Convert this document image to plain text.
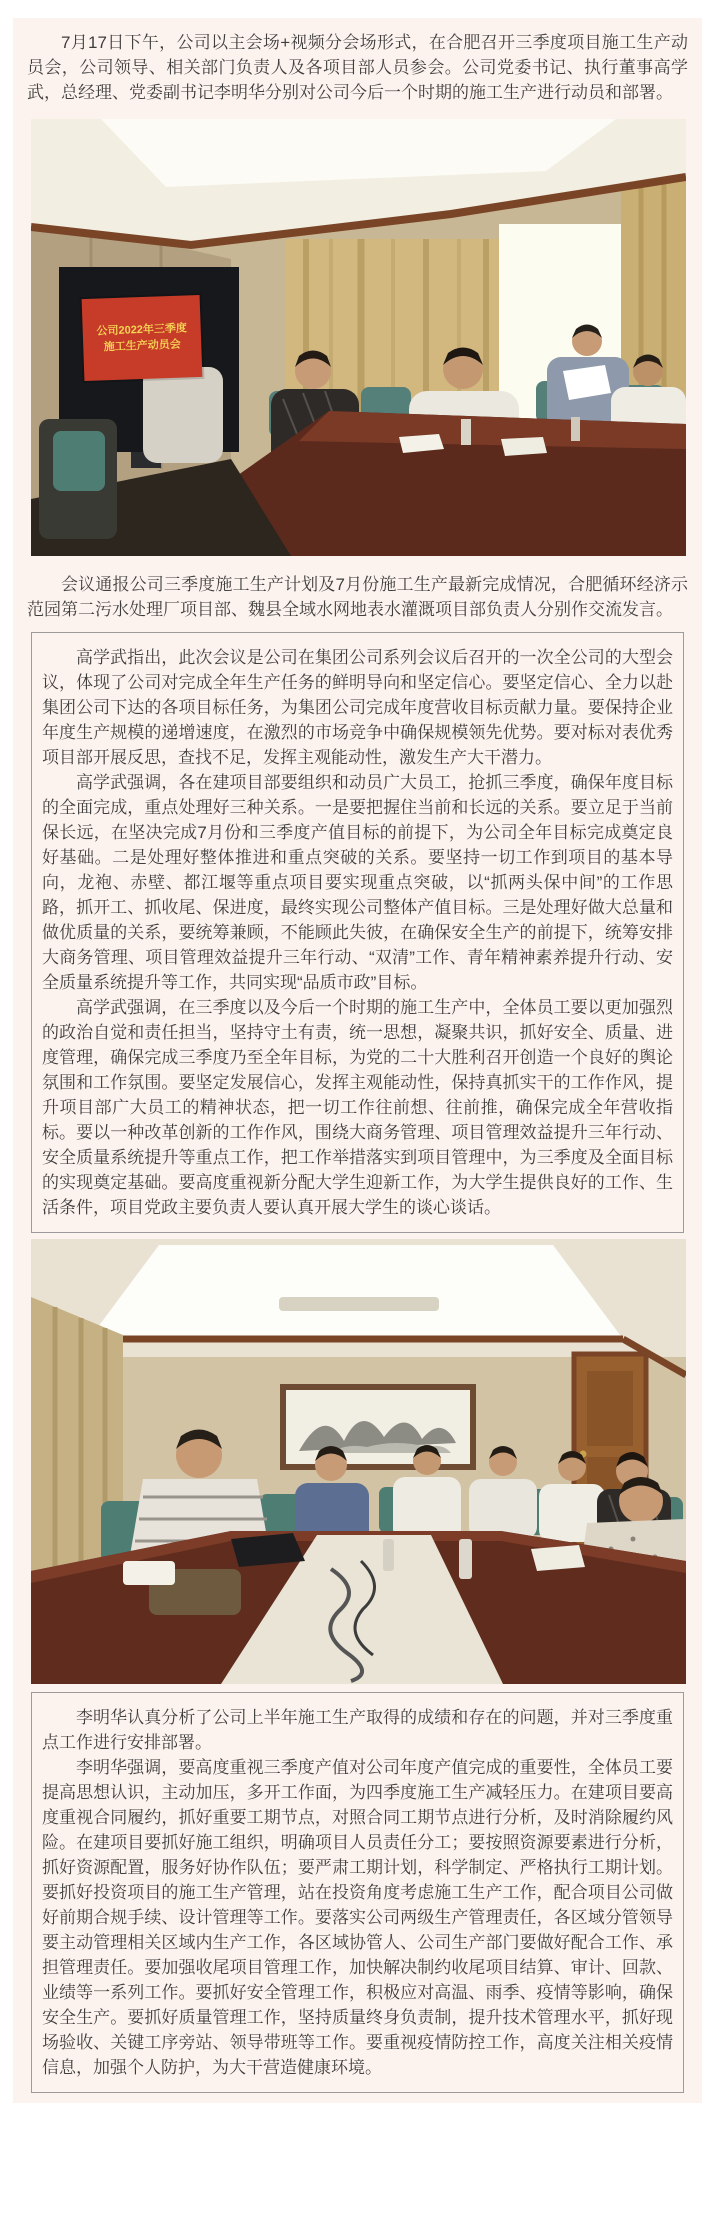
7月17日下午，公司以主会场+视频分会场形式，在合肥召开三季度项目施工生产动员会，公司领导、相关部门负责人及各项目部人员参会。公司党委书记、执行董事高学武，总经理、党委副书记李明华分别对公司今后一个时期的施工生产进行动员和部署。

公司2022年三季度
施工生产动员会

会议通报公司三季度施工生产计划及7月份施工生产最新完成情况，合肥循环经济示范园第二污水处理厂项目部、魏县全域水网地表水灌溉项目部负责人分别作交流发言。

高学武指出，此次会议是公司在集团公司系列会议后召开的一次全公司的大型会议，体现了公司对完成全年生产任务的鲜明导向和坚定信心。要坚定信心、全力以赴集团公司下达的各项目标任务，为集团公司完成年度营收目标贡献力量。要保持企业年度生产规模的递增速度，在激烈的市场竞争中确保规模领先优势。要对标对表优秀项目部开展反思，查找不足，发挥主观能动性，激发生产大干潜力。

高学武强调，各在建项目部要组织和动员广大员工，抢抓三季度，确保年度目标的全面完成，重点处理好三种关系。一是要把握住当前和长远的关系。要立足于当前保长远，在坚决完成7月份和三季度产值目标的前提下，为公司全年目标完成奠定良好基础。二是处理好整体推进和重点突破的关系。要坚持一切工作到项目的基本导向，龙袍、赤壁、都江堰等重点项目要实现重点突破，以“抓两头保中间”的工作思路，抓开工、抓收尾、保进度，最终实现公司整体产值目标。三是处理好做大总量和做优质量的关系，要统筹兼顾，不能顾此失彼，在确保安全生产的前提下，统筹安排大商务管理、项目管理效益提升三年行动、“双清”工作、青年精神素养提升行动、安全质量系统提升等工作，共同实现“品质市政”目标。

高学武强调，在三季度以及今后一个时期的施工生产中，全体员工要以更加强烈的政治自觉和责任担当，坚持守土有责，统一思想，凝聚共识，抓好安全、质量、进度管理，确保完成三季度乃至全年目标，为党的二十大胜利召开创造一个良好的舆论氛围和工作氛围。要坚定发展信心，发挥主观能动性，保持真抓实干的工作作风，提升项目部广大员工的精神状态，把一切工作往前想、往前推，确保完成全年营收指标。要以一种改革创新的工作作风，围绕大商务管理、项目管理效益提升三年行动、安全质量系统提升等重点工作，把工作举措落实到项目管理中，为三季度及全面目标的实现奠定基础。要高度重视新分配大学生迎新工作，为大学生提供良好的工作、生活条件，项目党政主要负责人要认真开展大学生的谈心谈话。

李明华认真分析了公司上半年施工生产取得的成绩和存在的问题，并对三季度重点工作进行安排部署。

李明华强调，要高度重视三季度产值对公司年度产值完成的重要性，全体员工要提高思想认识，主动加压，多开工作面，为四季度施工生产减轻压力。在建项目要高度重视合同履约，抓好重要工期节点，对照合同工期节点进行分析，及时消除履约风险。在建项目要抓好施工组织，明确项目人员责任分工；要按照资源要素进行分析，抓好资源配置，服务好协作队伍；要严肃工期计划，科学制定、严格执行工期计划。要抓好投资项目的施工生产管理，站在投资角度考虑施工生产工作，配合项目公司做好前期合规手续、设计管理等工作。要落实公司两级生产管理责任，各区域分管领导要主动管理相关区域内生产工作，各区域协管人、公司生产部门要做好配合工作、承担管理责任。要加强收尾项目管理工作，加快解决制约收尾项目结算、审计、回款、业绩等一系列工作。要抓好安全管理工作，积极应对高温、雨季、疫情等影响，确保安全生产。要抓好质量管理工作，坚持质量终身负责制，提升技术管理水平，抓好现场验收、关键工序旁站、领导带班等工作。要重视疫情防控工作，高度关注相关疫情信息，加强个人防护，为大干营造健康环境。
